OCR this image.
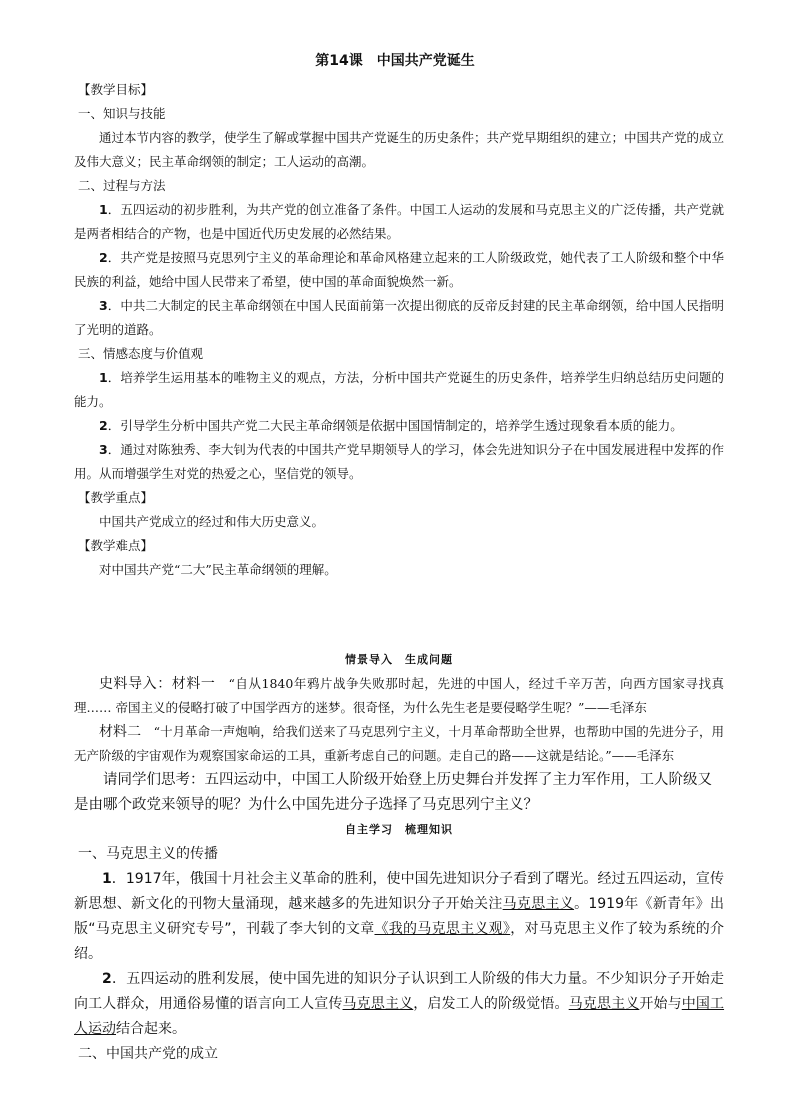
第14课　中国共产党诞生

【教学目标】

一、知识与技能

通过本节内容的教学，使学生了解或掌握中国共产党诞生的历史条件；共产党早期组织的建立；中国共产党的成立及伟大意义；民主革命纲领的制定；工人运动的高潮。

二、过程与方法

1．五四运动的初步胜利，为共产党的创立准备了条件。中国工人运动的发展和马克思主义的广泛传播，共产党就是两者相结合的产物，也是中国近代历史发展的必然结果。

2．共产党是按照马克思列宁主义的革命理论和革命风格建立起来的工人阶级政党，她代表了工人阶级和整个中华民族的利益，她给中国人民带来了希望，使中国的革命面貌焕然一新。

3．中共二大制定的民主革命纲领在中国人民面前第一次提出彻底的反帝反封建的民主革命纲领，给中国人民指明了光明的道路。

三、情感态度与价值观

1．培养学生运用基本的唯物主义的观点，方法，分析中国共产党诞生的历史条件，培养学生归纳总结历史问题的能力。

2．引导学生分析中国共产党二大民主革命纲领是依据中国国情制定的，培养学生透过现象看本质的能力。

3．通过对陈独秀、李大钊为代表的中国共产党早期领导人的学习，体会先进知识分子在中国发展进程中发挥的作用。从而增强学生对党的热爱之心，坚信党的领导。

【教学重点】

中国共产党成立的经过和伟大历史意义。

【教学难点】

对中国共产党“二大”民主革命纲领的理解。

情景导入　生成问题

史料导入：材料一　 “自从1840年鸦片战争失败那时起，先进的中国人，经过千辛万苦，向西方国家寻找真理…… 帝国主义的侵略打破了中国学西方的迷梦。很奇怪，为什么先生老是要侵略学生呢？”——毛泽东

材料二　 “十月革命一声炮响，给我们送来了马克思列宁主义，十月革命帮助全世界，也帮助中国的先进分子，用无产阶级的宇宙观作为观察国家命运的工具，重新考虑自己的问题。走自己的路——这就是结论。”——毛泽东

请同学们思考：五四运动中，中国工人阶级开始登上历史舞台并发挥了主力军作用，工人阶级又是由哪个政党来领导的呢？为什么中国先进分子选择了马克思列宁主义？

自主学习　梳理知识

一、马克思主义的传播

1．1917年，俄国十月社会主义革命的胜利，使中国先进知识分子看到了曙光。经过五四运动，宣传新思想、新文化的刊物大量涌现，越来越多的先进知识分子开始关注马克思主义。1919年《新青年》出版“马克思主义研究专号”，刊载了李大钊的文章《我的马克思主义观》，对马克思主义作了较为系统的介绍。

2．五四运动的胜利发展，使中国先进的知识分子认识到工人阶级的伟大力量。不少知识分子开始走向工人群众，用通俗易懂的语言向工人宣传马克思主义，启发工人的阶级觉悟。马克思主义开始与中国工人运动结合起来。

二、中国共产党的成立
